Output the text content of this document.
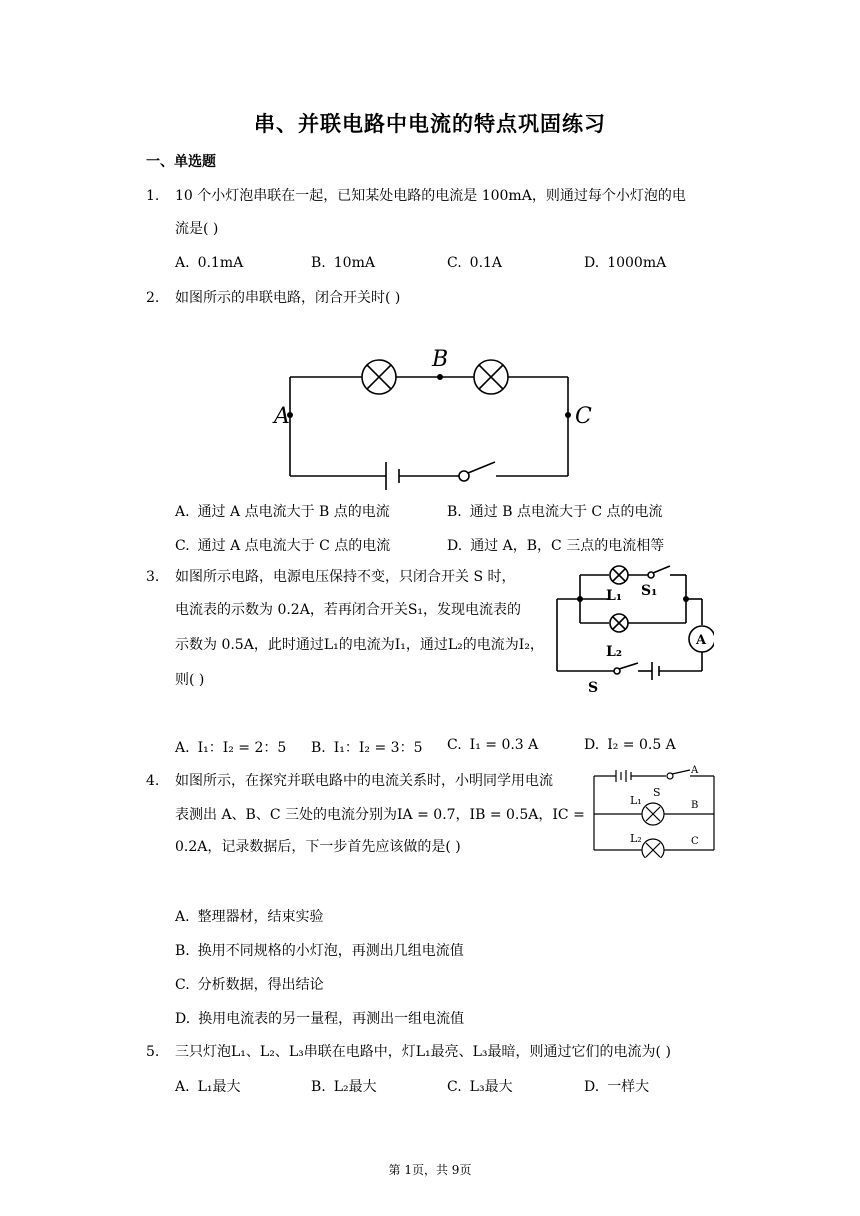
串、并联电路中电流的特点巩固练习
一、单选题
1. 10 个小灯泡串联在一起，已知某处电路的电流是 100mA，则通过每个小灯泡的电
流是( )
A. 0.1mA	B. 10mA	C. 0.1A	D. 1000mA
2. 如图所示的串联电路，闭合开关时( )
A
B
C
A. 通过 A 点电流大于 B 点的电流	B. 通过 B 点电流大于 C 点的电流
C. 通过 A 点电流大于 C 点的电流	D. 通过 A，B，C 三点的电流相等
3. 如图所示电路，电源电压保持不变，只闭合开关 S 时，
电流表的示数为 0.2A，若再闭合开关S₁，发现电流表的
示数为 0.5A，此时通过L₁的电流为I₁，通过L₂的电流为I₂，
则( )
A
L₁ S₁
L₂
S
A. I₁：I₂ = 2：5 B. I₁：I₂ = 3：5 C. I₁ = 0.3 A	D. I₂ = 0.5 A
4. 如图所示，在探究并联电路中的电流关系时，小明同学用电流
表测出 A、B、C 三处的电流分别为IA = 0.7，IB = 0.5A，IC =
0.2A，记录数据后，下一步首先应该做的是( )
S
A
B
C
L₁
L₂
A. 整理器材，结束实验
B. 换用不同规格的小灯泡，再测出几组电流值
C. 分析数据，得出结论
D. 换用电流表的另一量程，再测出一组电流值
5. 三只灯泡L₁、L₂、L₃串联在电路中，灯L₁最亮、L₃最暗，则通过它们的电流为( )
A. L₁最大	B. L₂最大	C. L₃最大	D. 一样大
第 1页，共 9页
